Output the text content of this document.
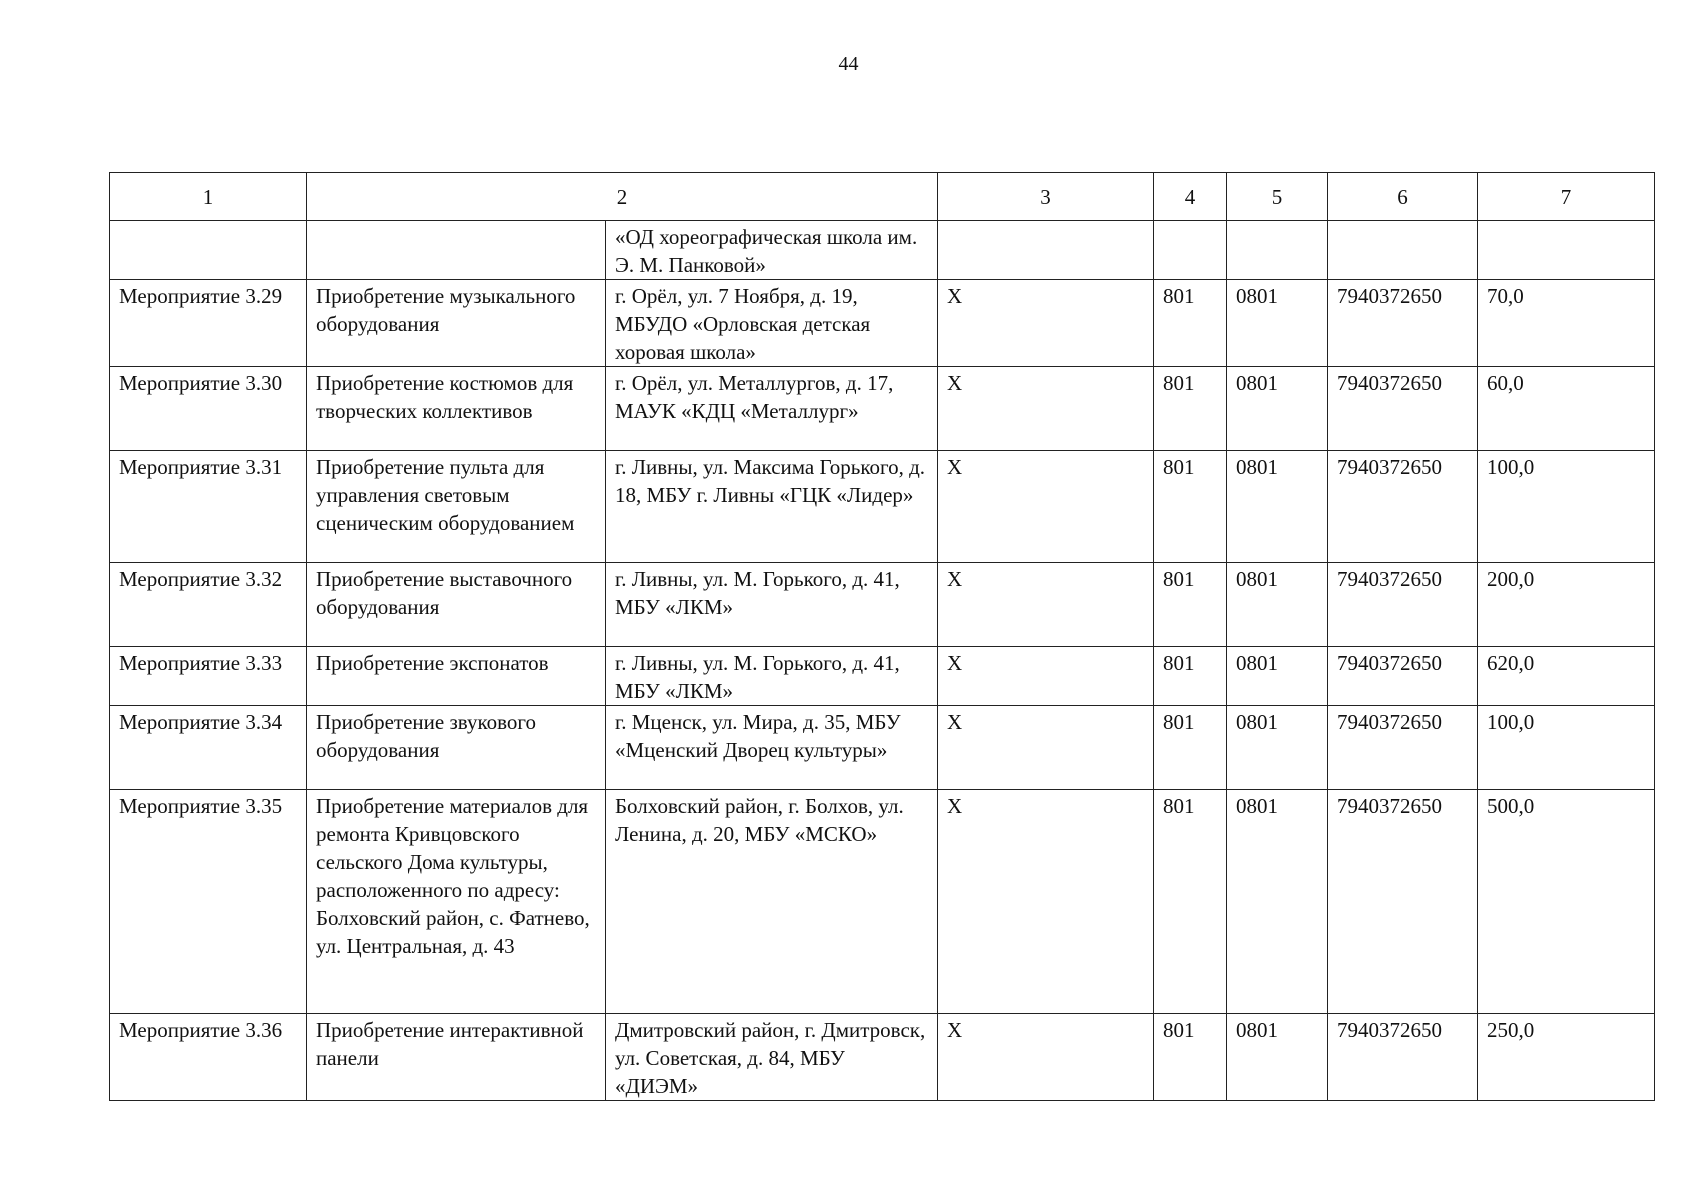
44
1	2		3	4	5	6	7
		«ОД хореографическая школа им. Э. М. Панковой»					
Мероприятие 3.29	Приобретение музыкального оборудования	г. Орёл, ул. 7 Ноября, д. 19, МБУДО «Орловская детская хоровая школа»	Х	801	0801	7940372650	70,0
Мероприятие 3.30	Приобретение костюмов для творческих коллективов	г. Орёл, ул. Металлургов, д. 17, МАУК «КДЦ «Металлург»	Х	801	0801	7940372650	60,0
Мероприятие 3.31	Приобретение пульта для управления световым сценическим оборудованием	г. Ливны, ул. Максима Горького, д. 18, МБУ г. Ливны «ГЦК «Лидер»	Х	801	0801	7940372650	100,0
Мероприятие 3.32	Приобретение выставочного оборудования	г. Ливны, ул. М. Горького, д. 41, МБУ «ЛКМ»	Х	801	0801	7940372650	200,0
Мероприятие 3.33	Приобретение экспонатов	г. Ливны, ул. М. Горького, д. 41, МБУ «ЛКМ»	Х	801	0801	7940372650	620,0
Мероприятие 3.34	Приобретение звукового оборудования	г. Мценск, ул. Мира, д. 35, МБУ «Мценский Дворец культуры»	Х	801	0801	7940372650	100,0
Мероприятие 3.35	Приобретение материалов для ремонта Кривцовского сельского Дома культуры, расположенного по адресу: Болховский район, с. Фатнево, ул. Центральная, д. 43	Болховский район, г. Болхов, ул. Ленина, д. 20, МБУ «МСКО»	Х	801	0801	7940372650	500,0
Мероприятие 3.36	Приобретение интерактивной панели	Дмитровский район, г. Дмитровск, ул. Советская, д. 84, МБУ «ДИЭМ»	Х	801	0801	7940372650	250,0
